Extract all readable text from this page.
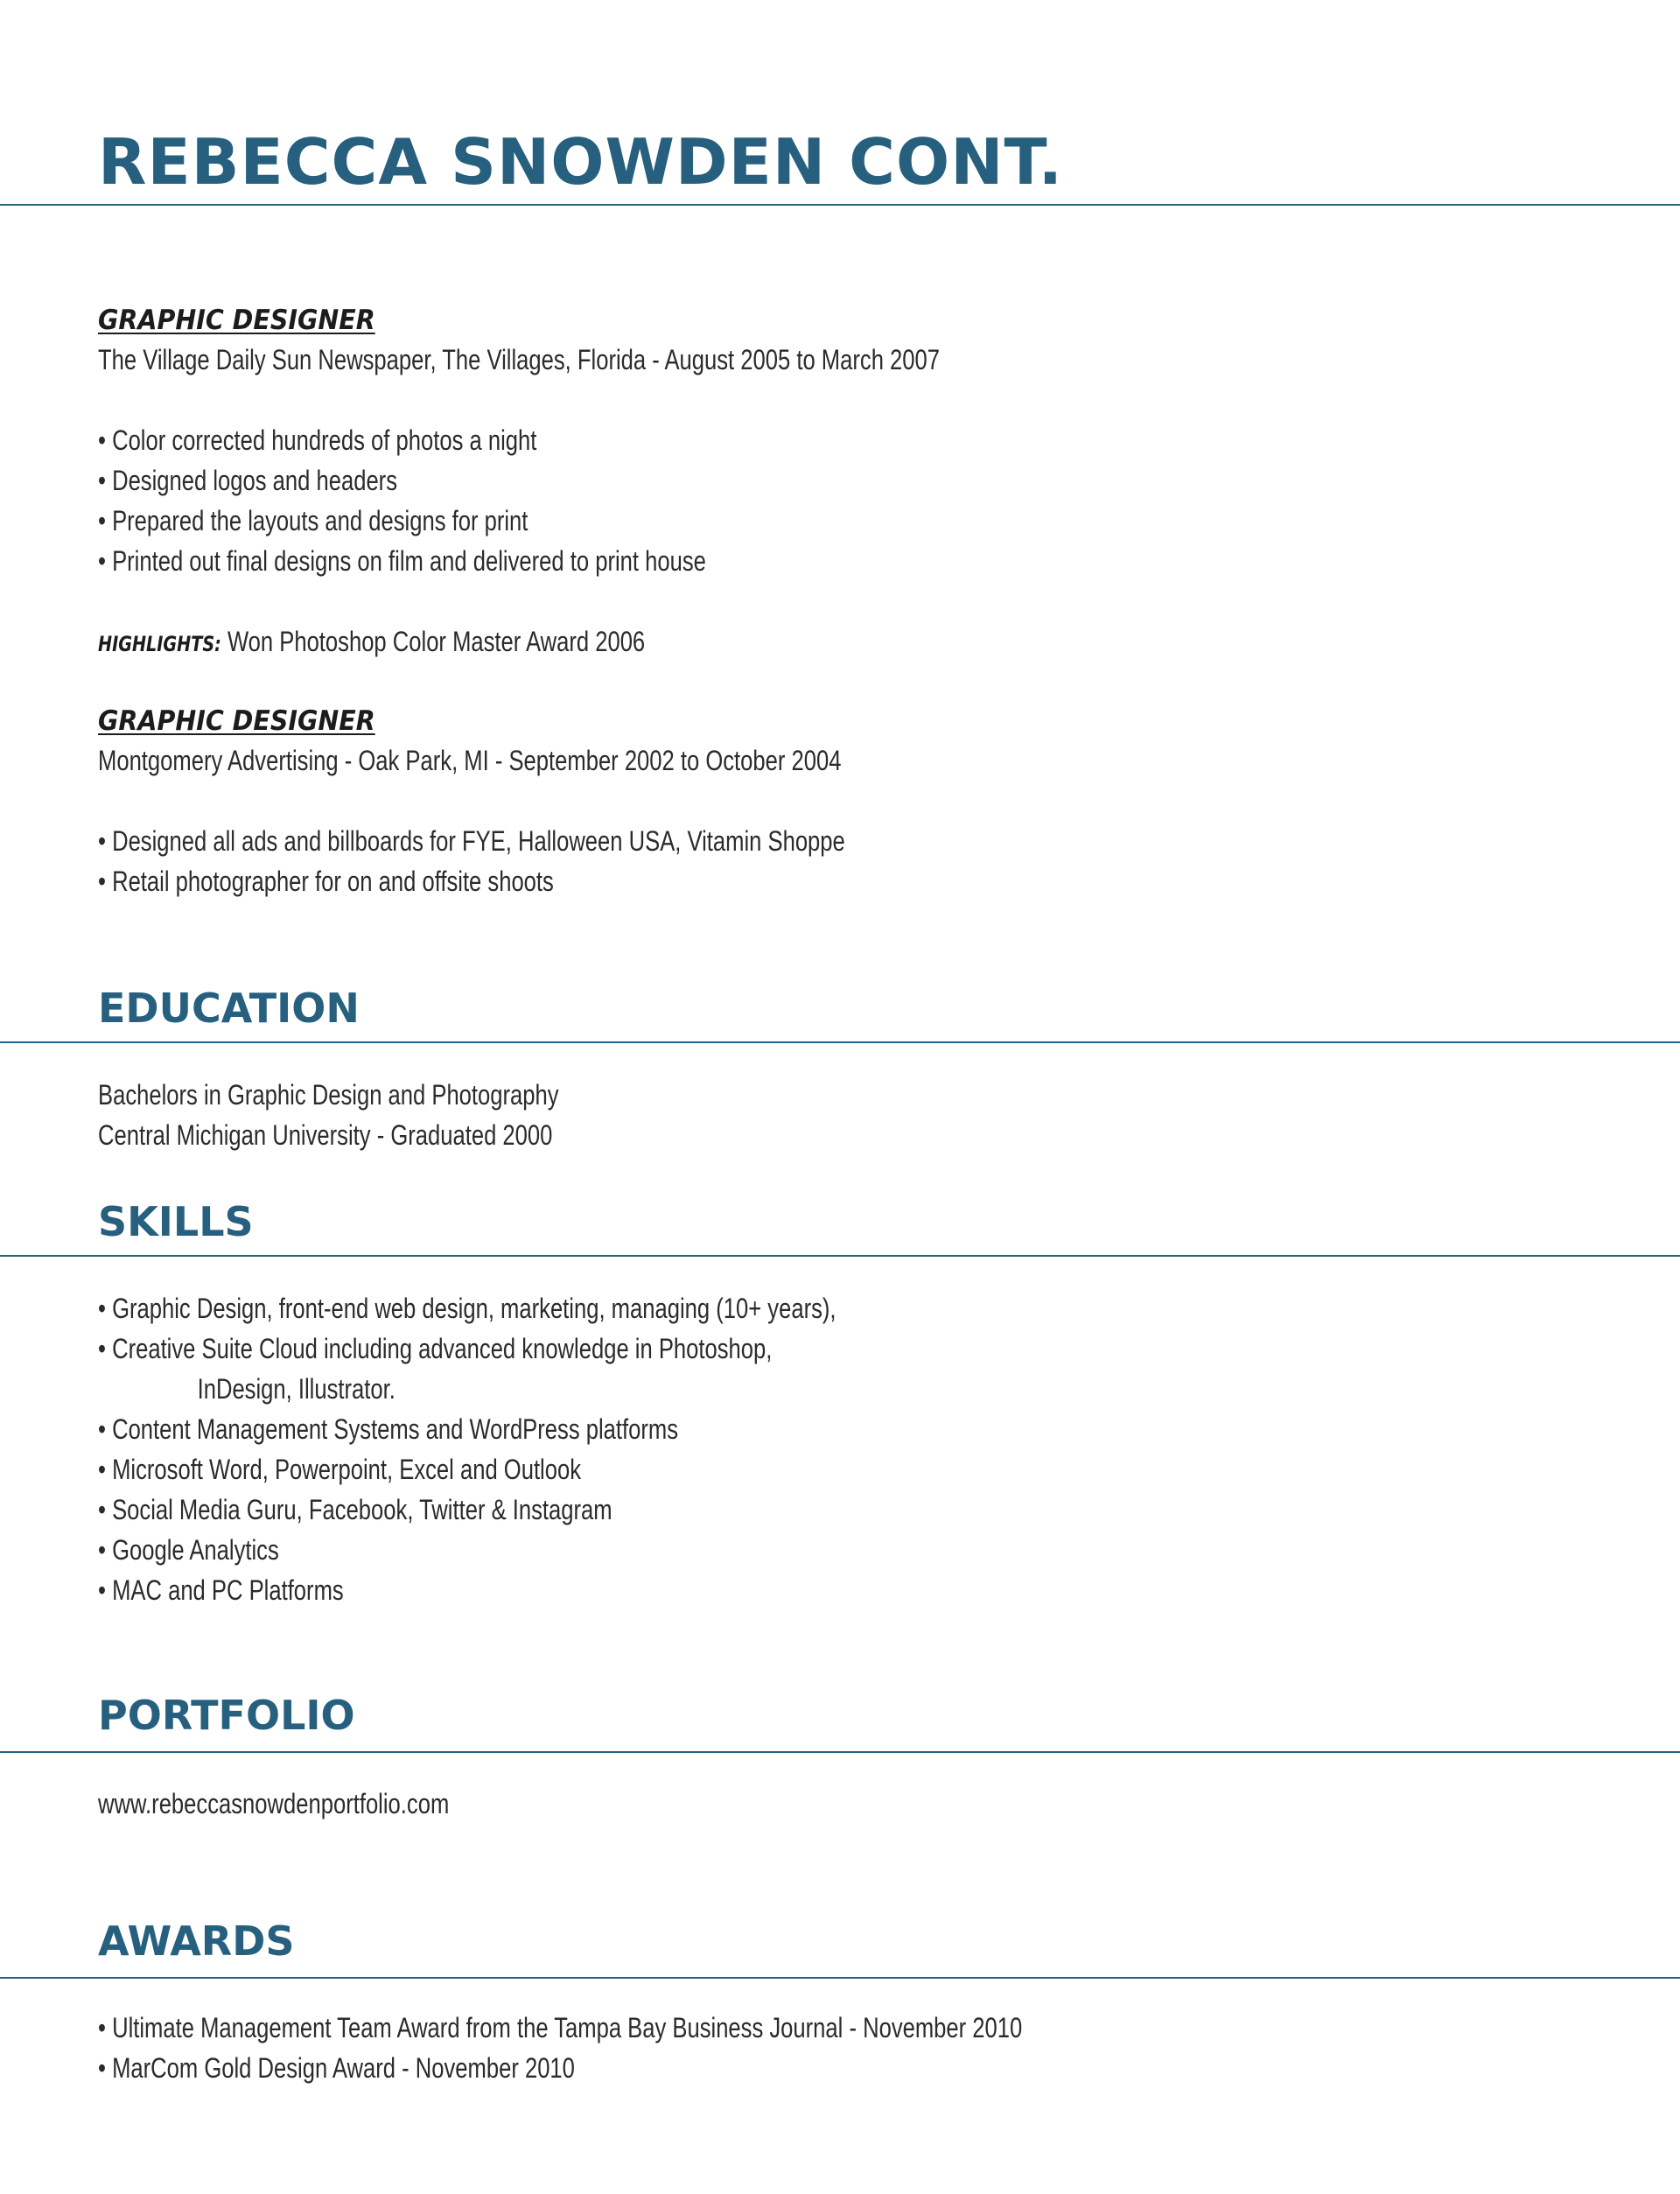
REBECCA SNOWDEN CONT.
GRAPHIC DESIGNER
The Village Daily Sun Newspaper, The Villages, Florida - August 2005 to March 2007
• Color corrected hundreds of photos a night
• Designed logos and headers
• Prepared the layouts and designs for print
• Printed out final designs on film and delivered to print house
HIGHLIGHTS: Won Photoshop Color Master Award 2006
GRAPHIC DESIGNER
Montgomery Advertising - Oak Park, MI - September 2002 to October 2004
• Designed all ads and billboards for FYE, Halloween USA, Vitamin Shoppe
• Retail photographer for on and offsite shoots
EDUCATION
Bachelors in Graphic Design and Photography
Central Michigan University - Graduated 2000
SKILLS
• Graphic Design, front-end web design, marketing, managing (10+ years),
• Creative Suite Cloud including advanced knowledge in Photoshop,
InDesign, Illustrator.
• Content Management Systems and WordPress platforms
• Microsoft Word, Powerpoint, Excel and Outlook
• Social Media Guru, Facebook, Twitter & Instagram
• Google Analytics
• MAC and PC Platforms
PORTFOLIO
www.rebeccasnowdenportfolio.com
AWARDS
• Ultimate Management Team Award from the Tampa Bay Business Journal - November 2010
• MarCom Gold Design Award - November 2010
